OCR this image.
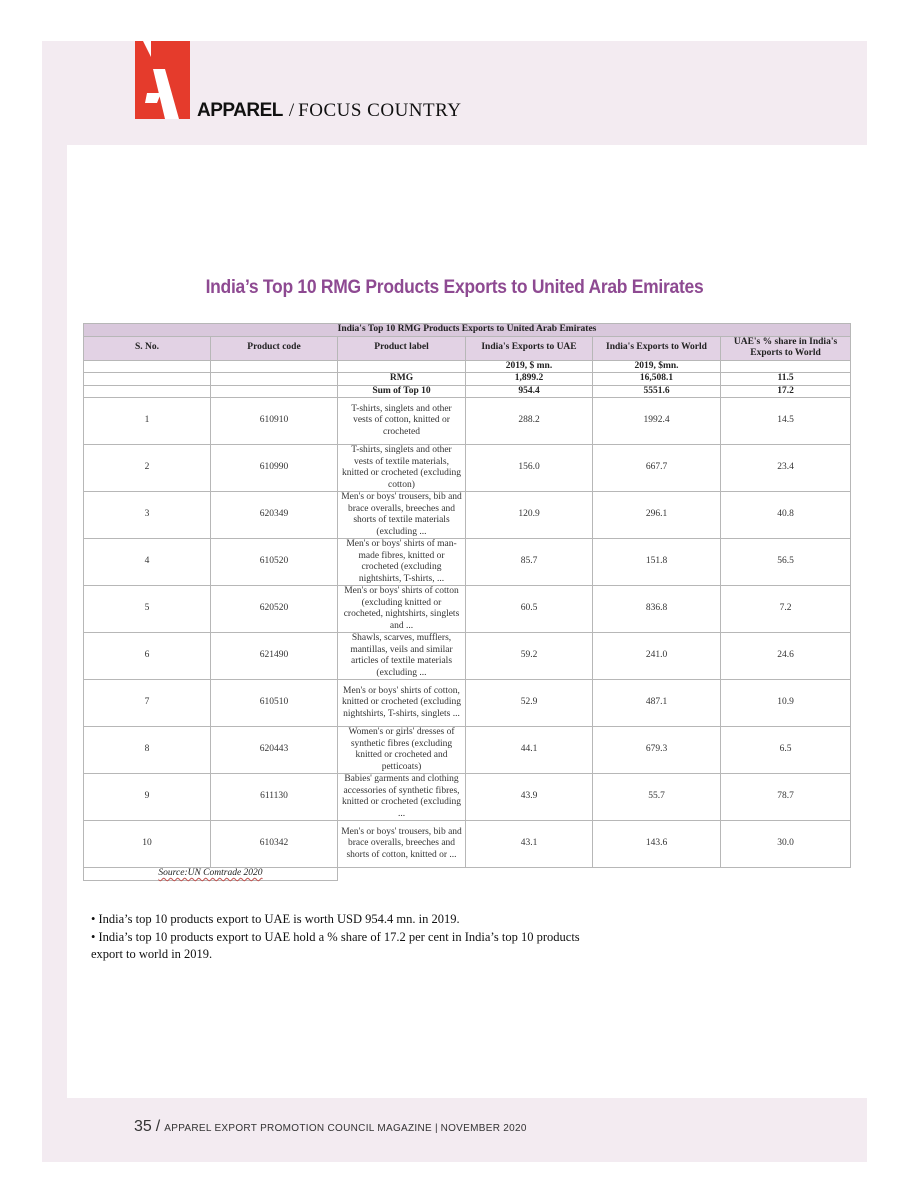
APPAREL / FOCUS COUNTRY
India’s Top 10 RMG Products Exports to United Arab Emirates
India's Top 10 RMG Products Exports to United Arab Emirates					
S. No.	Product code	Product label	India's Exports to UAE	India's Exports to World	UAE's % share in India's Exports to World
			2019, $ mn.	2019, $mn.	
		RMG	1,899.2	16,508.1	11.5
		Sum of Top 10	954.4	5551.6	17.2
1	610910	T-shirts, singlets and other vests of cotton, knitted or crocheted	288.2	1992.4	14.5
2	610990	T-shirts, singlets and other vests of textile materials, knitted or crocheted (excluding cotton)	156.0	667.7	23.4
3	620349	Men's or boys' trousers, bib and brace overalls, breeches and shorts of textile materials (excluding ...	120.9	296.1	40.8
4	610520	Men's or boys' shirts of man-made fibres, knitted or crocheted (excluding nightshirts, T-shirts, ...	85.7	151.8	56.5
5	620520	Men's or boys' shirts of cotton (excluding knitted or crocheted, nightshirts, singlets and ...	60.5	836.8	7.2
6	621490	Shawls, scarves, mufflers, mantillas, veils and similar articles of textile materials (excluding ...	59.2	241.0	24.6
7	610510	Men's or boys' shirts of cotton, knitted or crocheted (excluding nightshirts, T-shirts, singlets ...	52.9	487.1	10.9
8	620443	Women's or girls' dresses of synthetic fibres (excluding knitted or crocheted and petticoats)	44.1	679.3	6.5
9	611130	Babies' garments and clothing accessories of synthetic fibres, knitted or crocheted (excluding ...	43.9	55.7	78.7
10	610342	Men's or boys' trousers, bib and brace overalls, breeches and shorts of cotton, knitted or ...	43.1	143.6	30.0
Source:UN Comtrade 2020					

• India’s top 10 products export to UAE is worth USD 954.4 mn. in 2019.

• India’s top 10 products export to UAE hold a % share of 17.2 per cent in India’s top 10 products

export to world in 2019.

35 / APPAREL EXPORT PROMOTION COUNCIL MAGAZINE | NOVEMBER 2020
